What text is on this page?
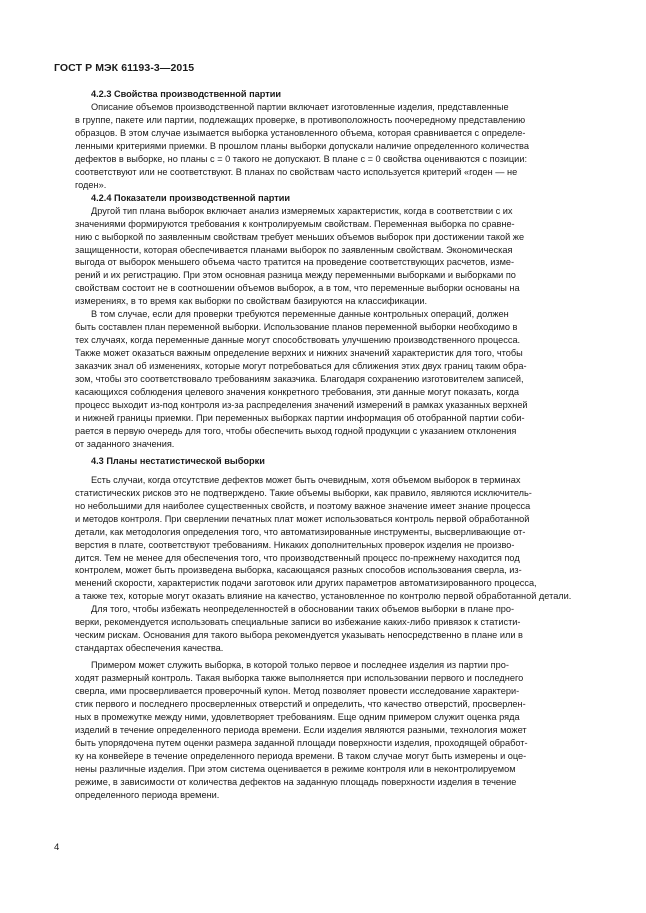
ГОСТ Р МЭК 61193-3—2015
4.2.3 Свойства производственной партии
Описание объемов производственной партии включает изготовленные изделия, представленные
в группе, пакете или партии, подлежащих проверке, в противоположность поочередному представлению
образцов. В этом случае изымается выборка установленного объема, которая сравнивается с определе-
ленными критериями приемки. В прошлом планы выборки допускали наличие определенного количества
дефектов в выборке, но планы c = 0 такого не допускают. В плане c = 0 свойства оцениваются с позиции:
соответствуют или не соответствуют. В планах по свойствам часто используется критерий «годен — не
годен».
4.2.4 Показатели производственной партии
Другой тип плана выборок включает анализ измеряемых характеристик, когда в соответствии с их
значениями формируются требования к контролируемым свойствам. Переменная выборка по сравне-
нию с выборкой по заявленным свойствам требует меньших объемов выборок при достижении такой же
защищенности, которая обеспечивается планами выборок по заявленным свойствам. Экономическая
выгода от выборок меньшего объема часто тратится на проведение соответствующих расчетов, изме-
рений и их регистрацию. При этом основная разница между переменными выборками и выборками по
свойствам состоит не в соотношении объемов выборок, а в том, что переменные выборки основаны на
измерениях, в то время как выборки по свойствам базируются на классификации.
В том случае, если для проверки требуются переменные данные контрольных операций, должен
быть составлен план переменной выборки. Использование планов переменной выборки необходимо в
тех случаях, когда переменные данные могут способствовать улучшению производственного процесса.
Также может оказаться важным определение верхних и нижних значений характеристик для того, чтобы
заказчик знал об изменениях, которые могут потребоваться для сближения этих двух границ таким обра-
зом, чтобы это соответствовало требованиям заказчика. Благодаря сохранению изготовителем записей,
касающихся соблюдения целевого значения конкретного требования, эти данные могут показать, когда
процесс выходит из-под контроля из-за распределения значений измерений в рамках указанных верхней
и нижней границы приемки. При переменных выборках партии информация об отобранной партии соби-
рается в первую очередь для того, чтобы обеспечить выход годной продукции с указанием отклонения
от заданного значения.
4.3 Планы нестатистической выборки
Есть случаи, когда отсутствие дефектов может быть очевидным, хотя объемом выборок в терминах
статистических рисков это не подтверждено. Такие объемы выборки, как правило, являются исключитель-
но небольшими для наиболее существенных свойств, и поэтому важное значение имеет знание процесса
и методов контроля. При сверлении печатных плат может использоваться контроль первой обработанной
детали, как методология определения того, что автоматизированные инструменты, высверливающие от-
верстия в плате, соответствуют требованиям. Никаких дополнительных проверок изделия не произво-
дится. Тем не менее для обеспечения того, что производственный процесс по-прежнему находится под
контролем, может быть произведена выборка, касающаяся разных способов использования сверла, из-
менений скорости, характеристик подачи заготовок или других параметров автоматизированного процесса,
а также тех, которые могут оказать влияние на качество, установленное по контролю первой обработанной детали.
Для того, чтобы избежать неопределенностей в обосновании таких объемов выборки в плане про-
верки, рекомендуется использовать специальные записи во избежание каких-либо привязок к статисти-
ческим рискам. Основания для такого выбора рекомендуется указывать непосредственно в плане или в
стандартах обеспечения качества.
Примером может служить выборка, в которой только первое и последнее изделия из партии про-
ходят размерный контроль. Такая выборка также выполняется при использовании первого и последнего
сверла, ими просверливается проверочный купон. Метод позволяет провести исследование характери-
стик первого и последнего просверленных отверстий и определить, что качество отверстий, просверлен-
ных в промежутке между ними, удовлетворяет требованиям. Еще одним примером служит оценка ряда
изделий в течение определенного периода времени. Если изделия являются разными, технология может
быть упорядочена путем оценки размера заданной площади поверхности изделия, проходящей обработ-
ку на конвейере в течение определенного периода времени. В таком случае могут быть измерены и оце-
нены различные изделия. При этом система оценивается в режиме контроля или в неконтролируемом
режиме, в зависимости от количества дефектов на заданную площадь поверхности изделия в течение
определенного периода времени.
4
